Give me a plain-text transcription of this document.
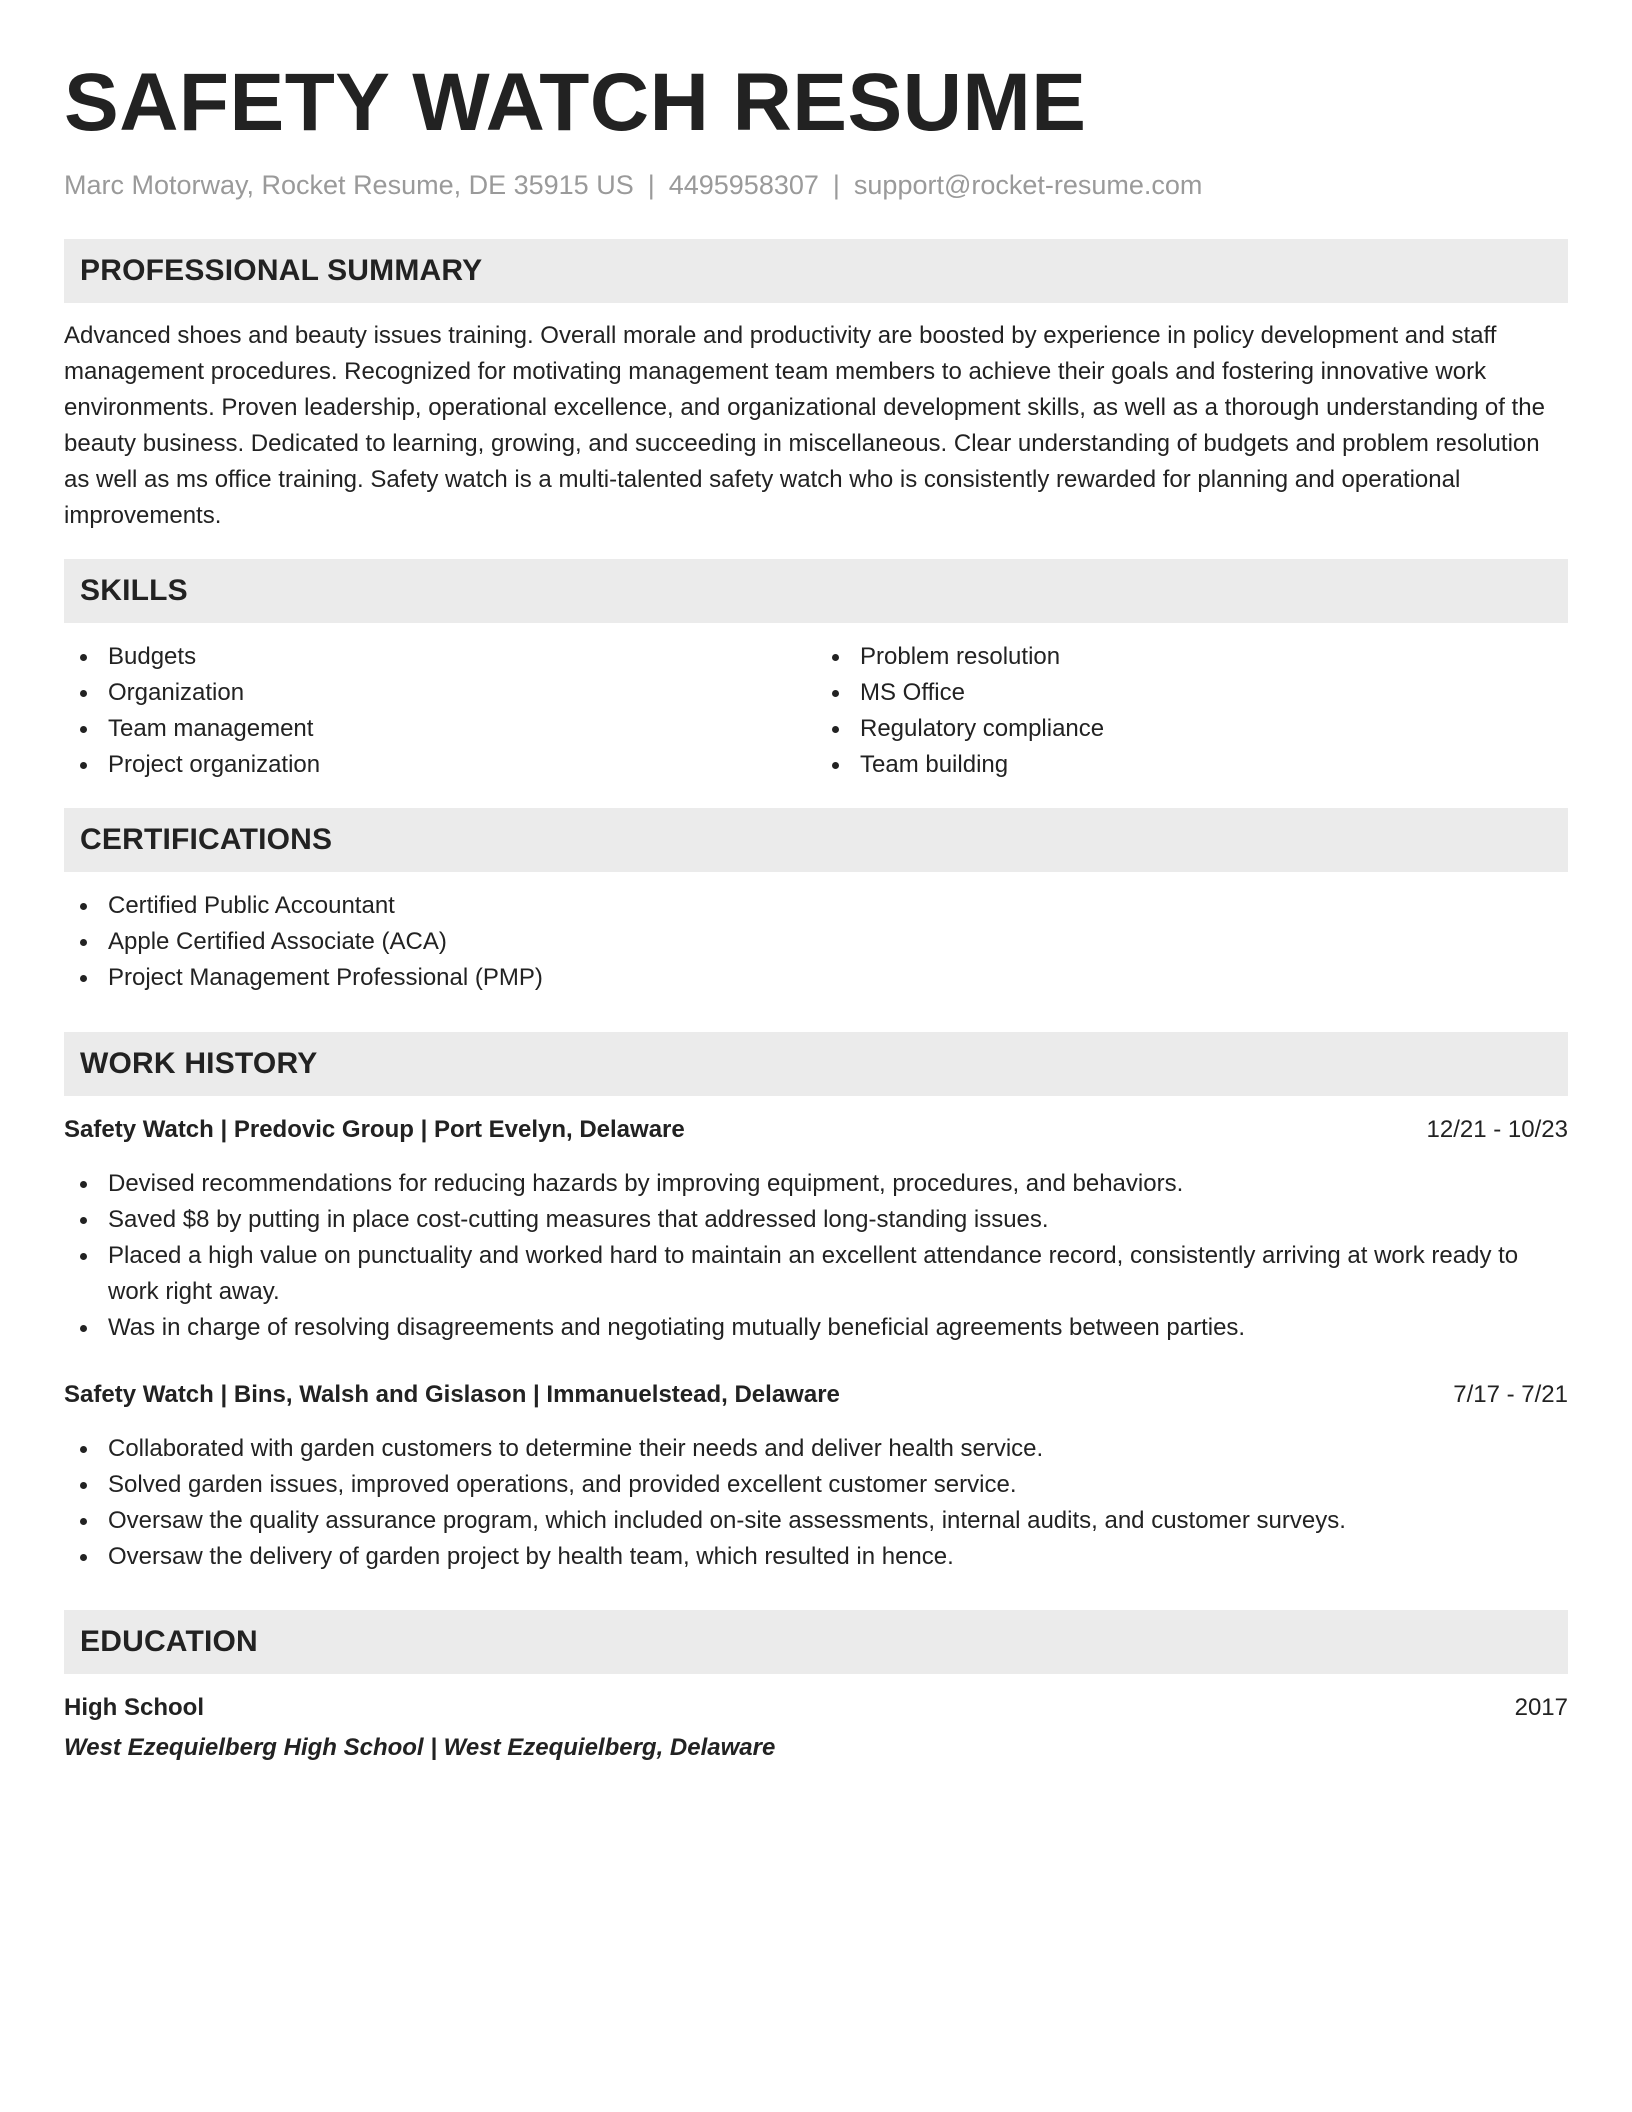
SAFETY WATCH RESUME
Marc Motorway, Rocket Resume, DE 35915 US | 4495958307 | support@rocket-resume.com
PROFESSIONAL SUMMARY

Advanced shoes and beauty issues training. Overall morale and productivity are boosted by experience in policy development and staff management procedures. Recognized for motivating management team members to achieve their goals and fostering innovative work environments. Proven leadership, operational excellence, and organizational development skills, as well as a thorough understanding of the beauty business. Dedicated to learning, growing, and succeeding in miscellaneous. Clear understanding of budgets and problem resolution as well as ms office training. Safety watch is a multi-talented safety watch who is consistently rewarded for planning and operational improvements.

SKILLS
Budgets
Organization
Team management
Project organization
Problem resolution
MS Office
Regulatory compliance
Team building
CERTIFICATIONS
Certified Public Accountant
Apple Certified Associate (ACA)
Project Management Professional (PMP)
WORK HISTORY
Safety Watch | Predovic Group | Port Evelyn, Delaware	12/21 - 10/23
Devised recommendations for reducing hazards by improving equipment, procedures, and behaviors.
Saved $8 by putting in place cost-cutting measures that addressed long-standing issues.
Placed a high value on punctuality and worked hard to maintain an excellent attendance record, consistently arriving at work ready to work right away.
Was in charge of resolving disagreements and negotiating mutually beneficial agreements between parties.
Safety Watch | Bins, Walsh and Gislason | Immanuelstead, Delaware	7/17 - 7/21
Collaborated with garden customers to determine their needs and deliver health service.
Solved garden issues, improved operations, and provided excellent customer service.
Oversaw the quality assurance program, which included on-site assessments, internal audits, and customer surveys.
Oversaw the delivery of garden project by health team, which resulted in hence.
EDUCATION
High School	2017
West Ezequielberg High School | West Ezequielberg, Delaware
